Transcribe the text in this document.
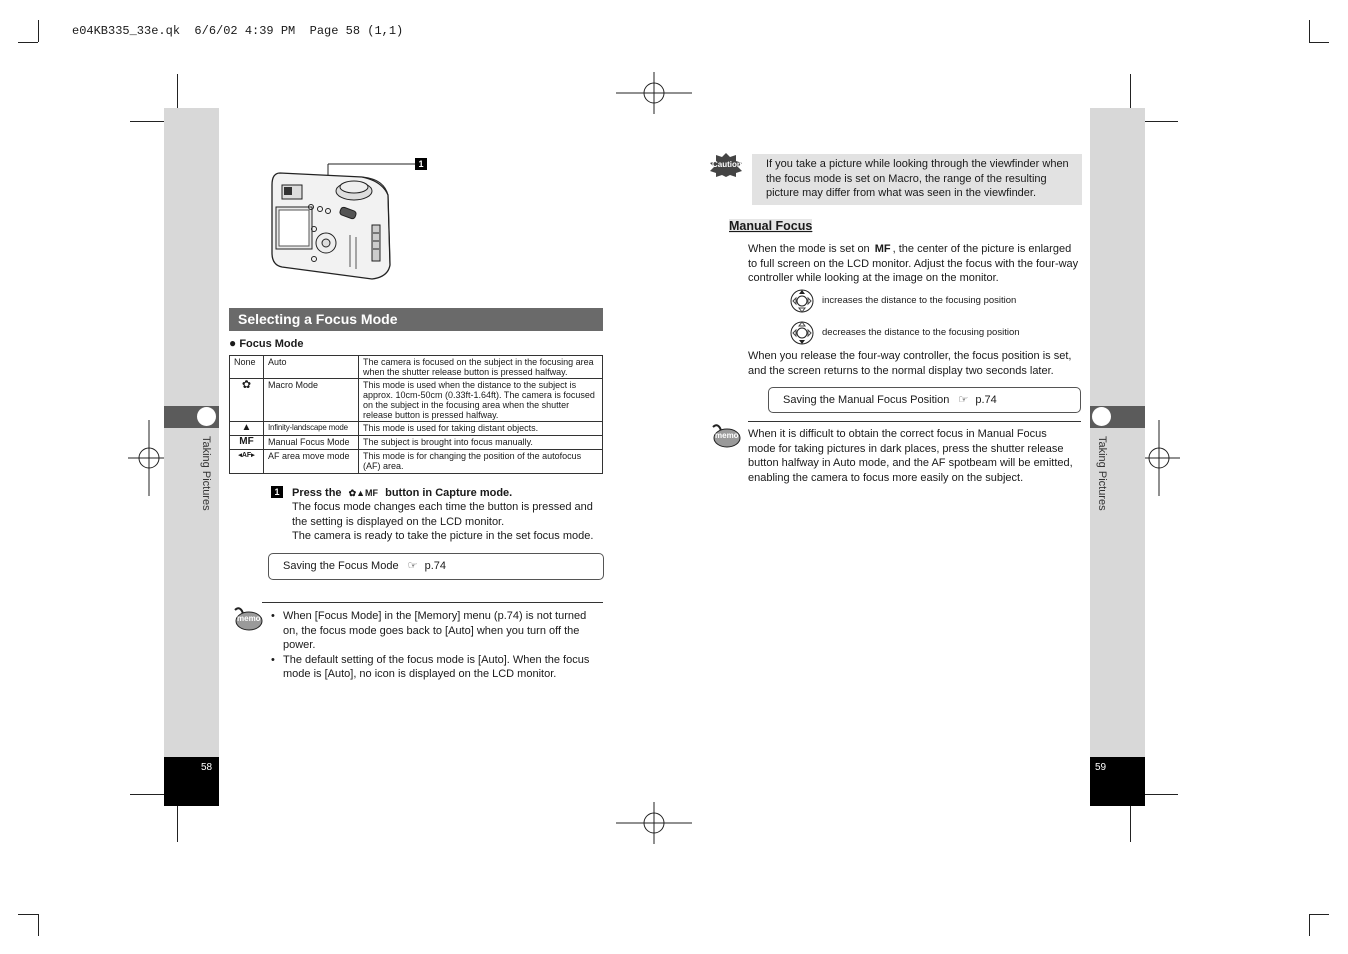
e04KB335_33e.qk  6/6/02 4:39 PM  Page 58 (1,1)
Taking Pictures
58
1
Selecting a Focus Mode
● Focus Mode
None	Auto	The camera is focused on the subject in the focusing area when the shutter release button is pressed halfway.
✿	Macro Mode	This mode is used when the distance to the subject is approx. 10cm-50cm (0.33ft-1.64ft). The camera is focused on the subject in the focusing area when the shutter release button is pressed halfway.
▲	Infinity-landscape mode	This mode is used for taking distant objects.
MF	Manual Focus Mode	The subject is brought into focus manually.
◂AF▸	AF area move mode	This mode is for changing the position of the autofocus (AF) area.
1	Press the ✿▲MF button in Capture mode.
The focus mode changes each time the button is pressed and the setting is displayed on the LCD monitor.
The camera is ready to take the picture in the set focus mode.
Saving the Focus Mode ☞ p.74
memo	• When [Focus Mode] in the [Memory] menu (p.74) is not turned on, the focus mode goes back to [Auto] when you turn off the power.
• The default setting of the focus mode is [Auto]. When the focus mode is [Auto], no icon is displayed on the LCD monitor.
Taking Pictures
59
Caution If you take a picture while looking through the viewfinder when the focus mode is set on Macro, the range of the resulting picture may differ from what was seen in the viewfinder.
Manual Focus
When the mode is set on MF , the center of the picture is enlarged to full screen on the LCD monitor. Adjust the focus with the four-way controller while looking at the image on the monitor.
increases the distance to the focusing position
decreases the distance to the focusing position
When you release the four-way controller, the focus position is set, and the screen returns to the normal display two seconds later.
Saving the Manual Focus Position ☞ p.74
memo When it is difficult to obtain the correct focus in Manual Focus mode for taking pictures in dark places, press the shutter release button halfway in Auto mode, and the AF spotbeam will be emitted, enabling the camera to focus more easily on the subject.
